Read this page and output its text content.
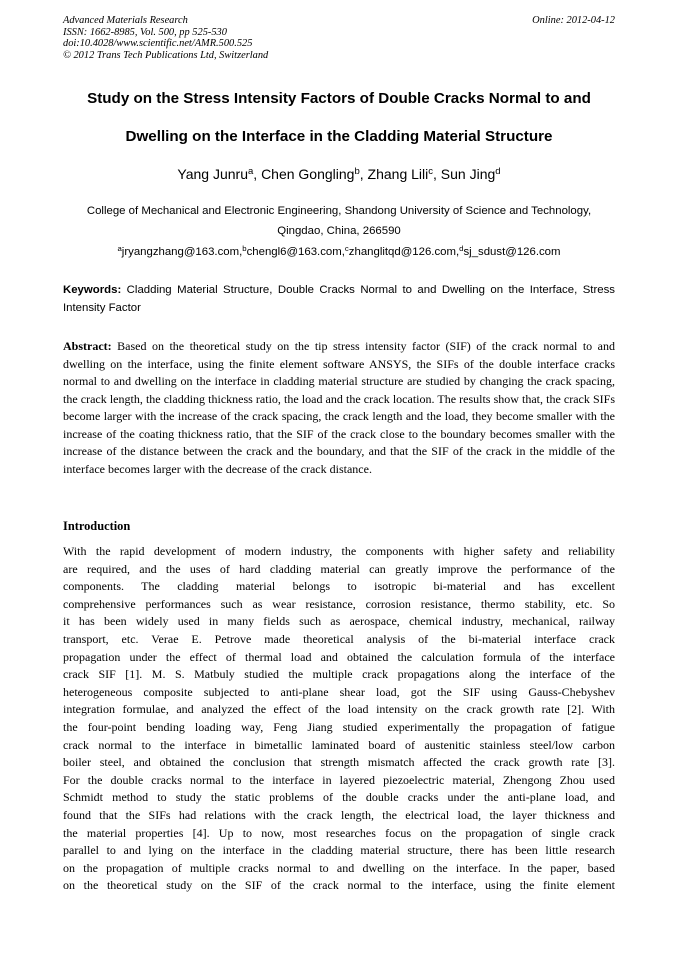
Advanced Materials Research
ISSN: 1662-8985, Vol. 500, pp 525-530
doi:10.4028/www.scientific.net/AMR.500.525
© 2012 Trans Tech Publications Ltd, Switzerland
Online: 2012-04-12
Study on the Stress Intensity Factors of Double Cracks Normal to and
Dwelling on the Interface in the Cladding Material Structure
Yang Junru$^a$, Chen Gongling$^b$, Zhang Lili$^c$, Sun Jing$^d$
College of Mechanical and Electronic Engineering, Shandong University of Science and Technology,
Qingdao, China, 266590
$^a$jryangzhang@163.com,$^b$chengl6@163.com,$^c$zhanglitqd@126.com,$^d$sj_sdust@126.com
Keywords: Cladding Material Structure, Double Cracks Normal to and Dwelling on the Interface, Stress Intensity Factor
Abstract: Based on the theoretical study on the tip stress intensity factor (SIF) of the crack normal to and dwelling on the interface, using the finite element software ANSYS, the SIFs of the double interface cracks normal to and dwelling on the interface in cladding material structure are studied by changing the crack spacing, the crack length, the cladding thickness ratio, the load and the crack location. The results show that, the crack SIFs become larger with the increase of the crack spacing, the crack length and the load, they become smaller with the increase of the coating thickness ratio, that the SIF of the crack close to the boundary becomes smaller with the increase of the distance between the crack and the boundary, and that the SIF of the crack in the middle of the interface becomes larger with the decrease of the crack distance.
Introduction
With the rapid development of modern industry, the components with higher safety and reliability
are required, and the uses of hard cladding material can greatly improve the performance of the
components. The cladding material belongs to isotropic bi-material and has excellent
comprehensive performances such as wear resistance, corrosion resistance, thermo stability, etc. So
it has been widely used in many fields such as aerospace, chemical industry, mechanical, railway
transport, etc. Verae E. Petrove made theoretical analysis of the bi-material interface crack
propagation under the effect of thermal load and obtained the calculation formula of the interface
crack SIF [1]. M. S. Matbuly studied the multiple crack propagations along the interface of the
heterogeneous composite subjected to anti-plane shear load, got the SIF using Gauss-Chebyshev
integration formulae, and analyzed the effect of the load intensity on the crack growth rate [2]. With
the four-point bending loading way, Feng Jiang studied experimentally the propagation of fatigue
crack normal to the interface in bimetallic laminated board of austenitic stainless steel/low carbon
boiler steel, and obtained the conclusion that strength mismatch affected the crack growth rate [3].
For the double cracks normal to the interface in layered piezoelectric material, Zhengong Zhou used
Schmidt method to study the static problems of the double cracks under the anti-plane load, and
found that the SIFs had relations with the crack length, the electrical load, the layer thickness and
the material properties [4]. Up to now, most researches focus on the propagation of single crack
parallel to and lying on the interface in the cladding material structure, there has been little research
on the propagation of multiple cracks normal to and dwelling on the interface. In the paper, based
on the theoretical study on the SIF of the crack normal to the interface, using the finite element
